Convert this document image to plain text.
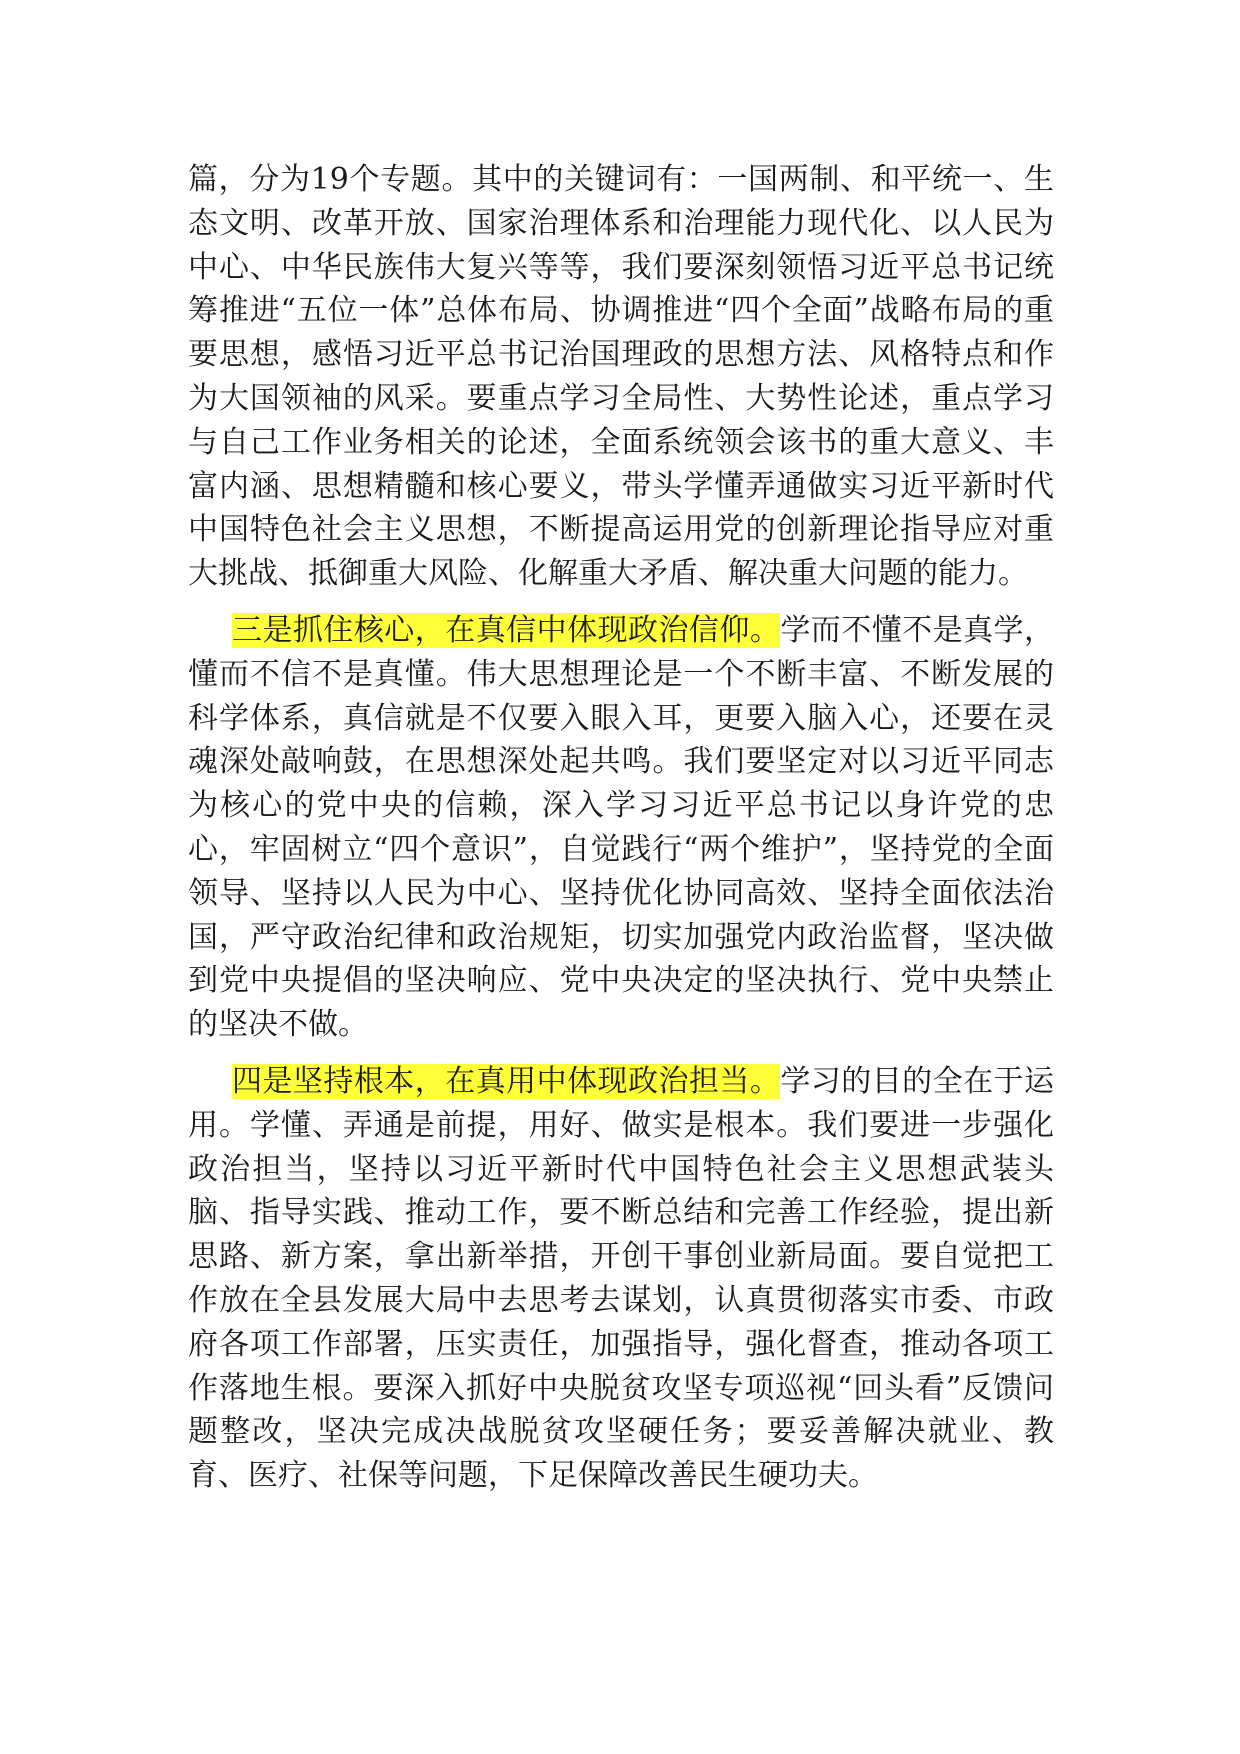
篇，分为19个专题。其中的关键词有：一国两制、和平统一、生态文明、改革开放、国家治理体系和治理能力现代化、以人民为中心、中华民族伟大复兴等等，我们要深刻领悟习近平总书记统筹推进“五位一体”总体布局、协调推进“四个全面”战略布局的重要思想，感悟习近平总书记治国理政的思想方法、风格特点和作为大国领袖的风采。要重点学习全局性、大势性论述，重点学习与自己工作业务相关的论述，全面系统领会该书的重大意义、丰富内涵、思想精髓和核心要义，带头学懂弄通做实习近平新时代中国特色社会主义思想，不断提高运用党的创新理论指导应对重大挑战、抵御重大风险、化解重大矛盾、解决重大问题的能力。

三是抓住核心，在真信中体现政治信仰。学而不懂不是真学，懂而不信不是真懂。伟大思想理论是一个不断丰富、不断发展的科学体系，真信就是不仅要入眼入耳，更要入脑入心，还要在灵魂深处敲响鼓，在思想深处起共鸣。我们要坚定对以习近平同志为核心的党中央的信赖，深入学习习近平总书记以身许党的忠心，牢固树立“四个意识”，自觉践行“两个维护”，坚持党的全面领导、坚持以人民为中心、坚持优化协同高效、坚持全面依法治国，严守政治纪律和政治规矩，切实加强党内政治监督，坚决做到党中央提倡的坚决响应、党中央决定的坚决执行、党中央禁止的坚决不做。

四是坚持根本，在真用中体现政治担当。学习的目的全在于运用。学懂、弄通是前提，用好、做实是根本。我们要进一步强化政治担当，坚持以习近平新时代中国特色社会主义思想武装头脑、指导实践、推动工作，要不断总结和完善工作经验，提出新思路、新方案，拿出新举措，开创干事创业新局面。要自觉把工作放在全县发展大局中去思考去谋划，认真贯彻落实市委、市政府各项工作部署，压实责任，加强指导，强化督查，推动各项工作落地生根。要深入抓好中央脱贫攻坚专项巡视“回头看”反馈问题整改，坚决完成决战脱贫攻坚硬任务；要妥善解决就业、教育、医疗、社保等问题，下足保障改善民生硬功夫。
